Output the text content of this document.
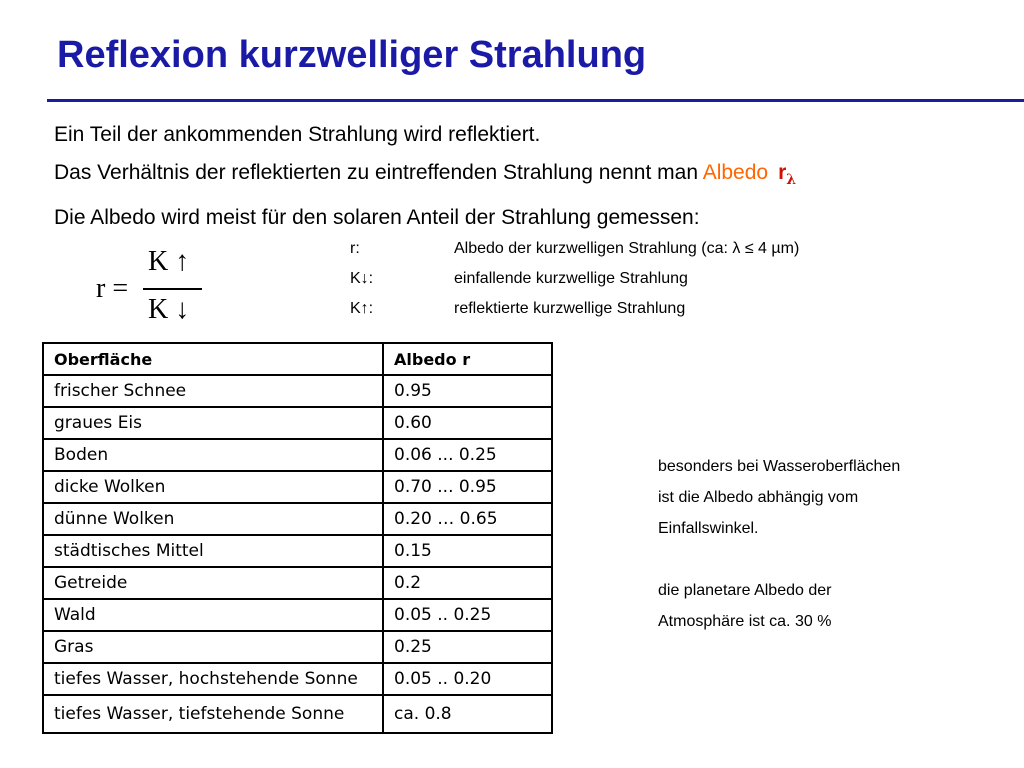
Reflexion kurzwelliger Strahlung

Ein Teil der ankommenden Strahlung wird reflektiert.

Das Verhältnis der reflektierten zu eintreffenden Strahlung nennt man Albedo $r_\lambda$

Die Albedo wird meist für den solaren Anteil der Strahlung gemessen:

r =
K ↑
K ↓
r:	Albedo der kurzwelligen Strahlung (ca: λ ≤ 4 µm)
K↓:	einfallende kurzwellige Strahlung
K↑:	reflektierte kurzwellige Strahlung
Oberfläche	Albedo r
frischer Schnee	0.95
graues Eis	0.60
Boden	0.06 ... 0.25
dicke Wolken	0.70 ... 0.95
dünne Wolken	0.20 … 0.65
städtisches Mittel	0.15
Getreide	0.2
Wald	0.05 .. 0.25
Gras	0.25
tiefes Wasser, hochstehende Sonne	0.05 .. 0.20
tiefes Wasser, tiefstehende Sonne	ca. 0.8

besonders bei Wasseroberflächen

ist die Albedo abhängig vom

Einfallswinkel.

die planetare Albedo der

Atmosphäre ist ca. 30 %
